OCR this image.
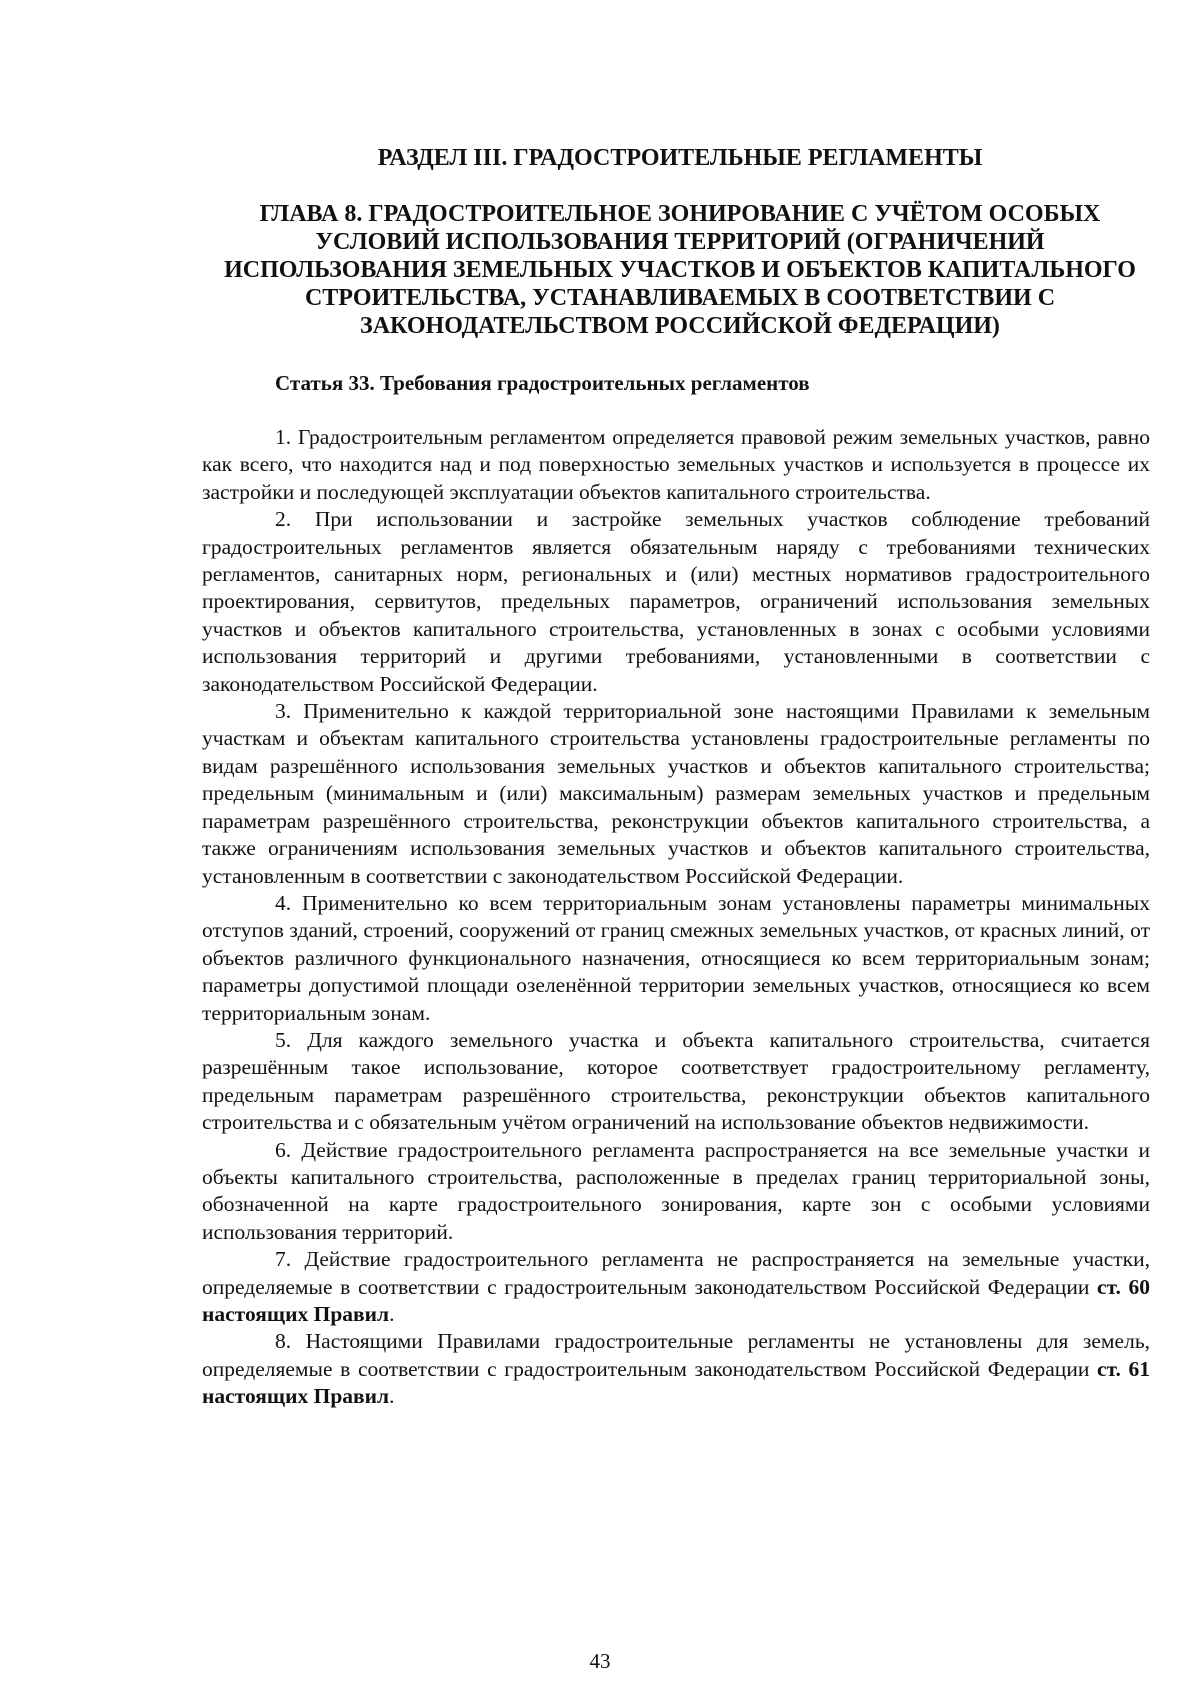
РАЗДЕЛ III. ГРАДОСТРОИТЕЛЬНЫЕ РЕГЛАМЕНТЫ
ГЛАВА 8. ГРАДОСТРОИТЕЛЬНОЕ ЗОНИРОВАНИЕ С УЧЁТОМ ОСОБЫХ
УСЛОВИЙ ИСПОЛЬЗОВАНИЯ ТЕРРИТОРИЙ (ОГРАНИЧЕНИЙ
ИСПОЛЬЗОВАНИЯ ЗЕМЕЛЬНЫХ УЧАСТКОВ И ОБЪЕКТОВ КАПИТАЛЬНОГО
СТРОИТЕЛЬСТВА, УСТАНАВЛИВАЕМЫХ В СООТВЕТСТВИИ С
ЗАКОНОДАТЕЛЬСТВОМ РОССИЙСКОЙ ФЕДЕРАЦИИ)
Статья 33. Требования градостроительных регламентов

1. Градостроительным регламентом определяется правовой режим земельных участков, равно как всего, что находится над и под поверхностью земельных участков и используется в процессе их застройки и последующей эксплуатации объектов капитального строительства.

2. При использовании и застройке земельных участков соблюдение требований градостроительных регламентов является обязательным наряду с требованиями технических регламентов, санитарных норм, региональных и (или) местных нормативов градостроительного проектирования, сервитутов, предельных параметров, ограничений использования земельных участков и объектов капитального строительства, установленных в зонах с особыми условиями использования территорий и другими требованиями, установленными в соответствии с законодательством Российской Федерации.

3. Применительно к каждой территориальной зоне настоящими Правилами к земельным участкам и объектам капитального строительства установлены градостроительные регламенты по видам разрешённого использования земельных участков и объектов капитального строительства; предельным (минимальным и (или) максимальным) размерам земельных участков и предельным параметрам разрешённого строительства, реконструкции объектов капитального строительства, а также ограничениям использования земельных участков и объектов капитального строительства, установленным в соответствии с законодательством Российской Федерации.

4. Применительно ко всем территориальным зонам установлены параметры минимальных отступов зданий, строений, сооружений от границ смежных земельных участков, от красных линий, от объектов различного функционального назначения, относящиеся ко всем территориальным зонам; параметры допустимой площади озеленённой территории земельных участков, относящиеся ко всем территориальным зонам.

5. Для каждого земельного участка и объекта капитального строительства, считается разрешённым такое использование, которое соответствует градостроительному регламенту, предельным параметрам разрешённого строительства, реконструкции объектов капитального строительства и с обязательным учётом ограничений на использование объектов недвижимости.

6. Действие градостроительного регламента распространяется на все земельные участки и объекты капитального строительства, расположенные в пределах границ территориальной зоны, обозначенной на карте градостроительного зонирования, карте зон с особыми условиями использования территорий.

7. Действие градостроительного регламента не распространяется на земельные участки, определяемые в соответствии с градостроительным законодательством Российской Федерации ст. 60 настоящих Правил.

8. Настоящими Правилами градостроительные регламенты не установлены для земель, определяемые в соответствии с градостроительным законодательством Российской Федерации ст. 61 настоящих Правил.

43
